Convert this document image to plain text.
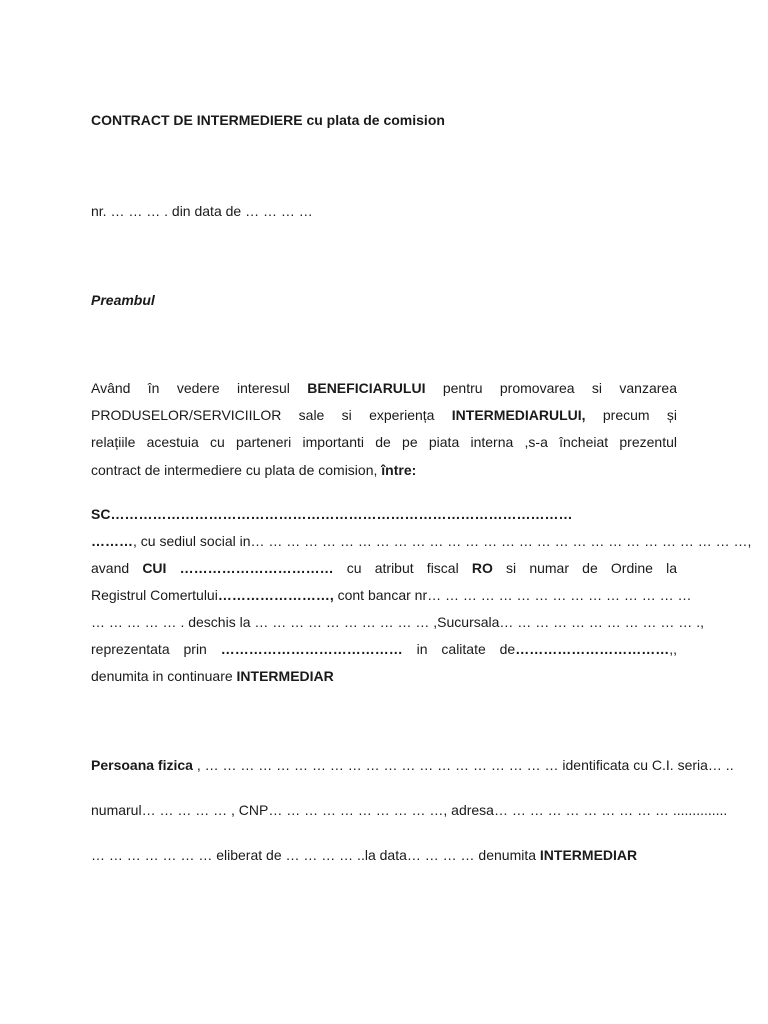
CONTRACT DE INTERMEDIERE cu plata de comision
nr. … … … . din data de … … … …
Preambul
Având în vedere interesul BENEFICIARULUI pentru promovarea si vanzarea
PRODUSELOR/SERVICIILOR sale si experiența INTERMEDIARULUI, precum și
relațiile acestuia cu parteneri importanti de pe piata interna ,s-a încheiat prezentul
contract de intermediere cu plata de comision, între:
SC………………………………………………………………………………………
………, cu sediul social in… … … … … … … … … … … … … … … … … … … … … … … … … … … …,
avand CUI …………………………… cu atribut fiscal RO si numar de Ordine la
Registrul Comertului……………………, cont bancar nr… … … … … … … … … … … … … … …
… … … … … . deschis la … … … … … … … … … … ,Sucursala… … … … … … … … … … … .,
reprezentata prin ………………………………… in calitate de……………………………,,
denumita in continuare INTERMEDIAR
Persoana fizica , … … … … … … … … … … … … … … … … … … … … identificata cu C.I. seria… ..
numarul… … … … … , CNP… … … … … … … … … …, adresa… … … … … … … … … … ..............
… … … … … … … eliberat de … … … … ..la data… … … … denumita INTERMEDIAR
